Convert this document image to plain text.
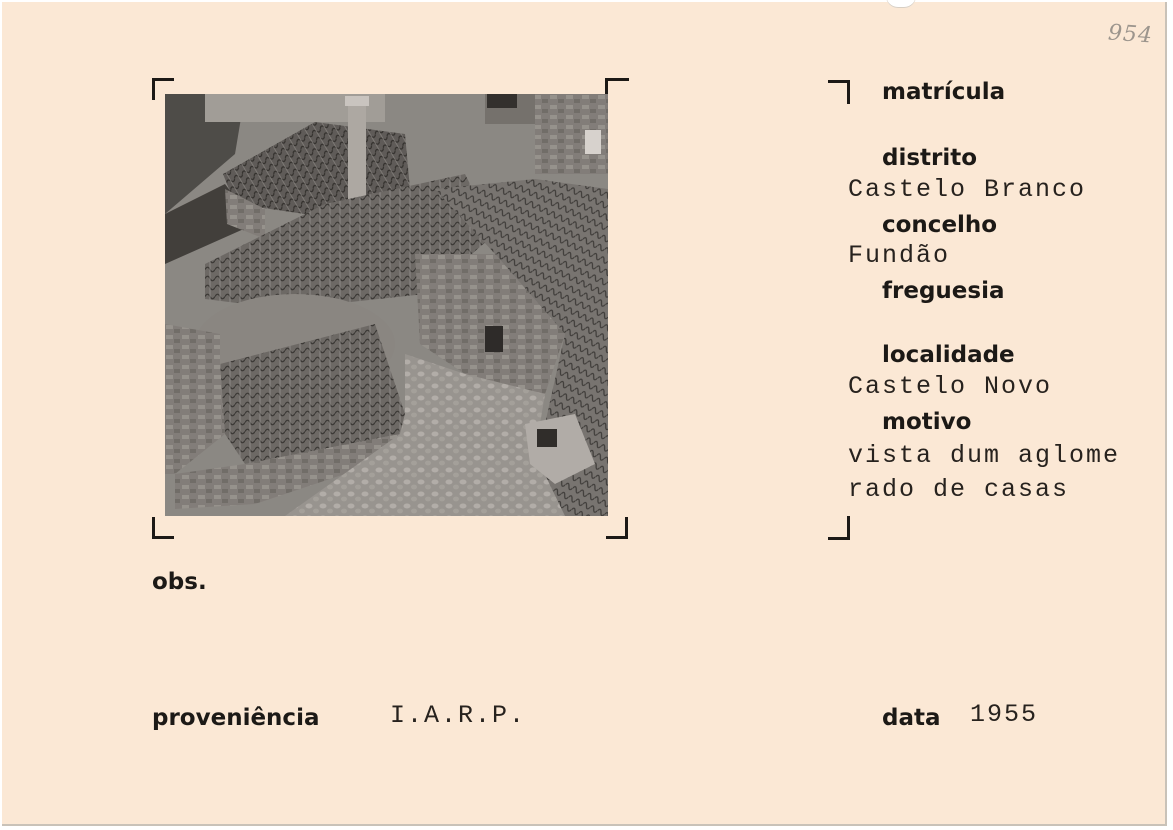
954
matrícula
distrito
Castelo Branco
concelho
Fundão
freguesia
localidade
Castelo Novo
motivo
vista dum aglome
rado de casas
obs.
proveniência	I.A.R.P.	data 1955
